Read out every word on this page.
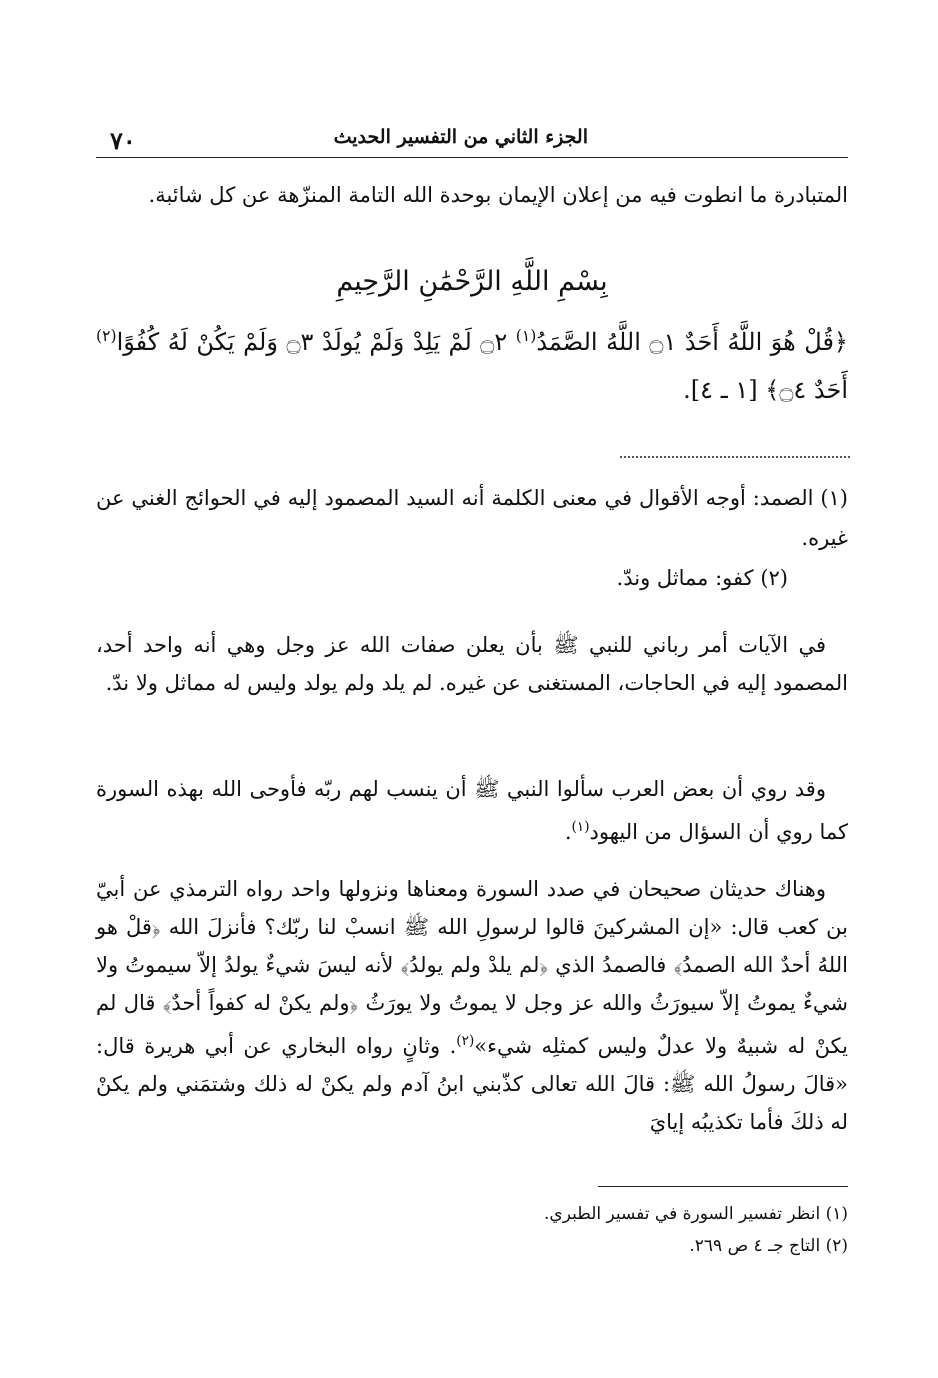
الجزء الثاني من التفسير الحديث
٧٠

المتبادرة ما انطوت فيه من إعلان الإيمان بوحدة الله التامة المنزّهة عن كل شائبة.

بِسْمِ اللَّهِ الرَّحْمَٰنِ الرَّحِيمِ

﴿قُلْ هُوَ اللَّهُ أَحَدٌ ۝١ اللَّهُ الصَّمَدُ$^{(١)}$ ۝٢ لَمْ يَلِدْ وَلَمْ يُولَدْ ۝٣ وَلَمْ يَكُنْ لَهُ كُفُوًا$^{(٢)}$ أَحَدٌ ۝٤﴾ [١ ـ ٤].

(١) الصمد: أوجه الأقوال في معنى الكلمة أنه السيد المصمود إليه في الحوائج الغني عن غيره.

(٢) كفو: مماثل وندّ.

في الآيات أمر رباني للنبي ﷺ بأن يعلن صفات الله عز وجل وهي أنه واحد أحد، المصمود إليه في الحاجات، المستغنى عن غيره. لم يلد ولم يولد وليس له مماثل ولا ندّ.

وقد روي أن بعض العرب سألوا النبي ﷺ أن ينسب لهم ربّه فأوحى الله بهذه السورة كما روي أن السؤال من اليهود$^{(١)}$.

وهناك حديثان صحيحان في صدد السورة ومعناها ونزولها واحد رواه الترمذي عن أبيّ بن كعب قال: «إن المشركينَ قالوا لرسولِ الله ﷺ انسبْ لنا ربّك؟ فأنزلَ الله ﴿قلْ هو اللهُ أحدٌ الله الصمدُ﴾ فالصمدُ الذي ﴿لم يلدْ ولم يولدُ﴾ لأنه ليسَ شيءٌ يولدُ إلاّ سيموتُ ولا شيءٌ يموتُ إلاّ سيورَثُ والله عز وجل لا يموتُ ولا يورَثُ ﴿ولم يكنْ له كفواً أحدٌ﴾ قال لم يكنْ له شبيهٌ ولا عدلٌ وليس كمثلِه شيء»$^{(٢)}$. وثانٍ رواه البخاري عن أبي هريرة قال: «قالَ رسولُ الله ﷺ: قالَ الله تعالى كذّبني ابنُ آدم ولم يكنْ له ذلك وشتمَني ولم يكنْ له ذلكَ فأما تكذيبُه إيايَ

(١) انظر تفسير السورة في تفسير الطبري.

(٢) التاج جـ ٤ ص ٢٦٩.
